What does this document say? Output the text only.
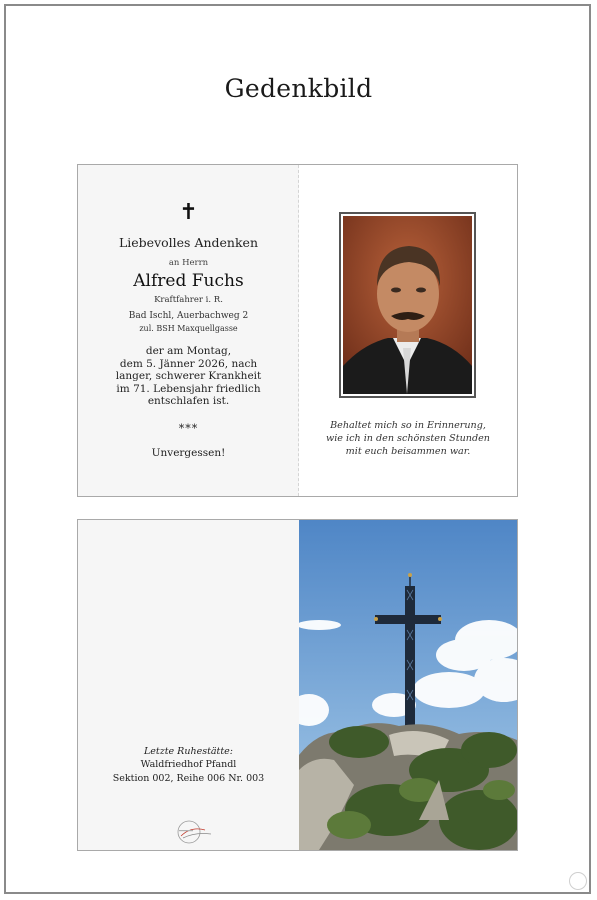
Gedenkbild
✝
Liebevolles Andenken
an Herrn
Alfred Fuchs
Kraftfahrer i. R.
Bad Ischl, Auerbachweg 2
zul. BSH Maxquellgasse
der am Montag,
dem 5. Jänner 2026, nach
langer, schwerer Krankheit
im 71. Lebensjahr friedlich
entschlafen ist.
***
Unvergessen!
Behaltet mich so in Erinnerung,
wie ich in den schönsten Stunden
mit euch beisammen war.
Letzte Ruhestätte:
Waldfriedhof Pfandl
Sektion 002, Reihe 006 Nr. 003
